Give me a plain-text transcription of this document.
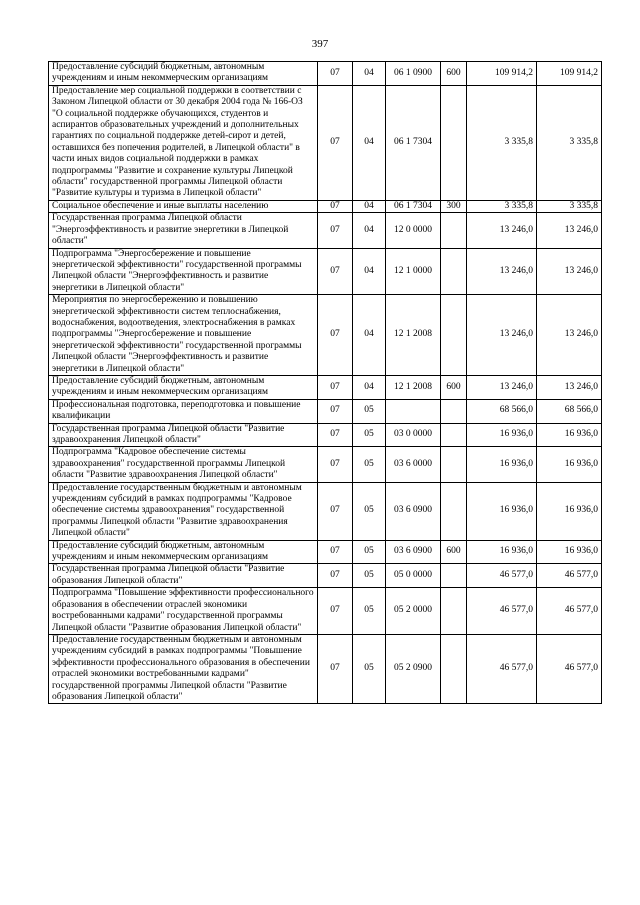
397
Предоставление субсидий бюджетным, автономным учреждениям и иным некоммерческим организациям	07	04	06 1 0900	600	109 914,2	109 914,2
Предоставление мер социальной поддержки в соответствии с Законом Липецкой области от 30 декабря 2004 года № 166-ОЗ "О социальной поддержке обучающихся, студентов и аспирантов образовательных учреждений и дополнительных гарантиях по социальной поддержке детей-сирот и детей, оставшихся без попечения родителей, в Липецкой области" в части иных видов социальной поддержки в рамках подпрограммы "Развитие и сохранение культуры Липецкой области" государственной программы Липецкой области "Развитие культуры и туризма в Липецкой области"	07	04	06 1 7304		3 335,8	3 335,8
Социальное обеспечение и иные выплаты населению	07	04	06 1 7304	300	3 335,8	3 335,8
Государственная программа Липецкой области "Энергоэффективность и развитие энергетики в Липецкой области"	07	04	12 0 0000		13 246,0	13 246,0
Подпрограмма "Энергосбережение и повышение энергетической эффективности" государственной программы Липецкой области "Энергоэффективность и развитие энергетики в Липецкой области"	07	04	12 1 0000		13 246,0	13 246,0
Мероприятия по энергосбережению и повышению энергетической эффективности систем теплоснабжения, водоснабжения, водоотведения, электроснабжения в рамках подпрограммы "Энергосбережение и повышение энергетической эффективности" государственной программы Липецкой области "Энергоэффективность и развитие энергетики в Липецкой области"	07	04	12 1 2008		13 246,0	13 246,0
Предоставление субсидий бюджетным, автономным учреждениям и иным некоммерческим организациям	07	04	12 1 2008	600	13 246,0	13 246,0
Профессиональная подготовка, переподготовка и повышение квалификации	07	05			68 566,0	68 566,0
Государственная программа Липецкой области "Развитие здравоохранения Липецкой области"	07	05	03 0 0000		16 936,0	16 936,0
Подпрограмма "Кадровое обеспечение системы здравоохранения" государственной программы Липецкой области "Развитие здравоохранения Липецкой области"	07	05	03 6 0000		16 936,0	16 936,0
Предоставление государственным бюджетным и автономным учреждениям субсидий в рамках подпрограммы "Кадровое обеспечение системы здравоохранения" государственной программы Липецкой области "Развитие здравоохранения Липецкой области"	07	05	03 6 0900		16 936,0	16 936,0
Предоставление субсидий бюджетным, автономным учреждениям и иным некоммерческим организациям	07	05	03 6 0900	600	16 936,0	16 936,0
Государственная программа Липецкой области "Развитие образования Липецкой области"	07	05	05 0 0000		46 577,0	46 577,0
Подпрограмма "Повышение эффективности профессионального образования в обеспечении отраслей экономики востребованными кадрами" государственной программы Липецкой области "Развитие образования Липецкой области"	07	05	05 2 0000		46 577,0	46 577,0
Предоставление государственным бюджетным и автономным учреждениям субсидий в рамках подпрограммы "Повышение эффективности профессионального образования в обеспечении отраслей экономики востребованными кадрами" государственной программы Липецкой области "Развитие образования Липецкой области"	07	05	05 2 0900		46 577,0	46 577,0
